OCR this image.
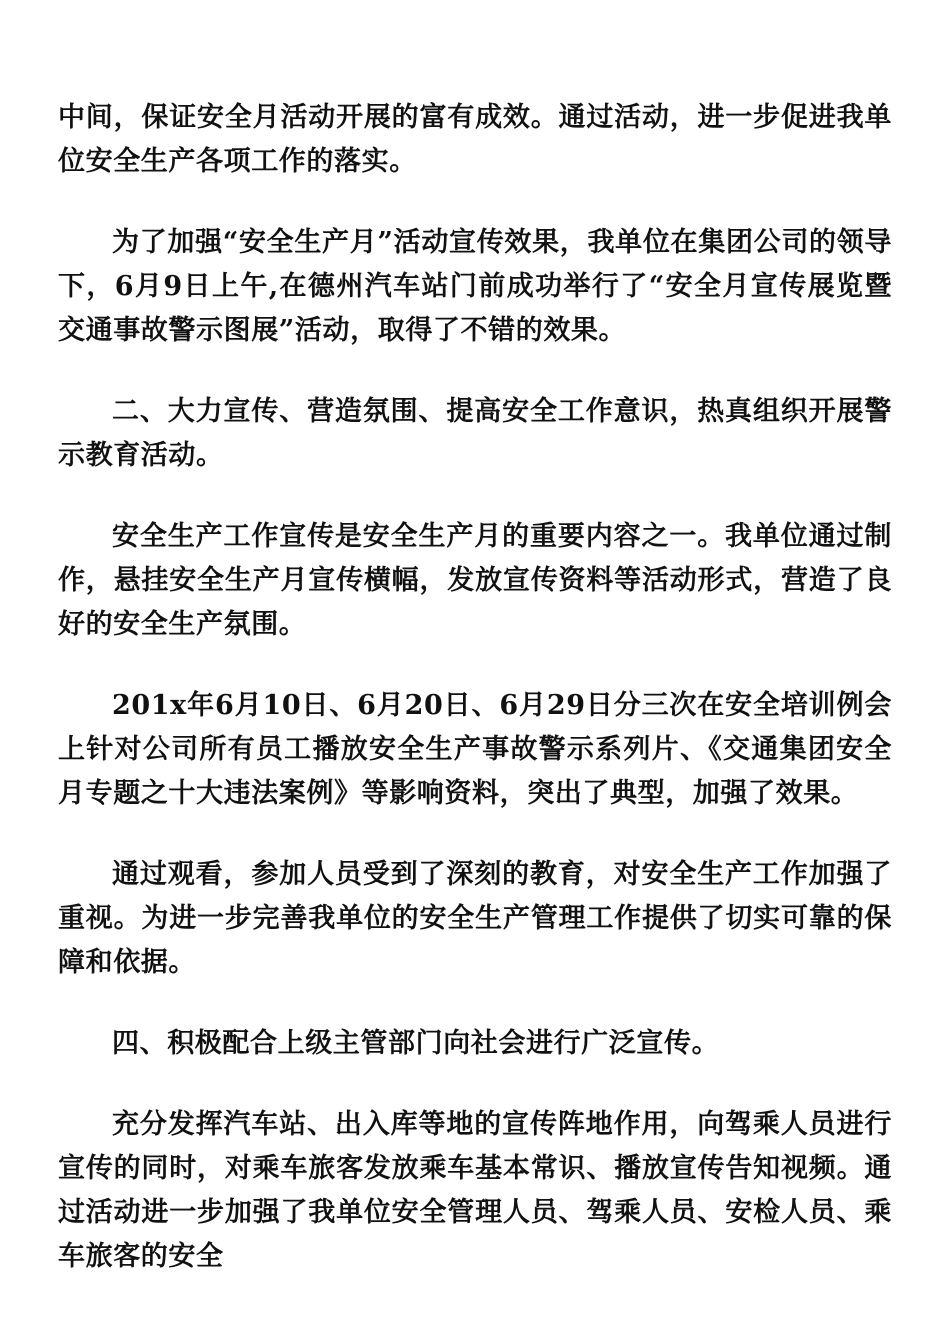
中间，保证安全月活动开展的富有成效。通过活动，进一步促进我单位安全生产各项工作的落实。

为了加强“安全生产月”活动宣传效果，我单位在集团公司的领导下，6月9日上午,在德州汽车站门前成功举行了“安全月宣传展览暨交通事故警示图展”活动，取得了不错的效果。

二、大力宣传、营造氛围、提高安全工作意识，热真组织开展警示教育活动。

安全生产工作宣传是安全生产月的重要内容之一。我单位通过制作，悬挂安全生产月宣传横幅，发放宣传资料等活动形式，营造了良好的安全生产氛围。

201x年6月10日、6月20日、6月29日分三次在安全培训例会上针对公司所有员工播放安全生产事故警示系列片、《交通集团安全月专题之十大违法案例》等影响资料，突出了典型，加强了效果。

通过观看，参加人员受到了深刻的教育，对安全生产工作加强了重视。为进一步完善我单位的安全生产管理工作提供了切实可靠的保障和依据。

四、积极配合上级主管部门向社会进行广泛宣传。

充分发挥汽车站、出入库等地的宣传阵地作用，向驾乘人员进行宣传的同时，对乘车旅客发放乘车基本常识、播放宣传告知视频。通过活动进一步加强了我单位安全管理人员、驾乘人员、安检人员、乘车旅客的安全
